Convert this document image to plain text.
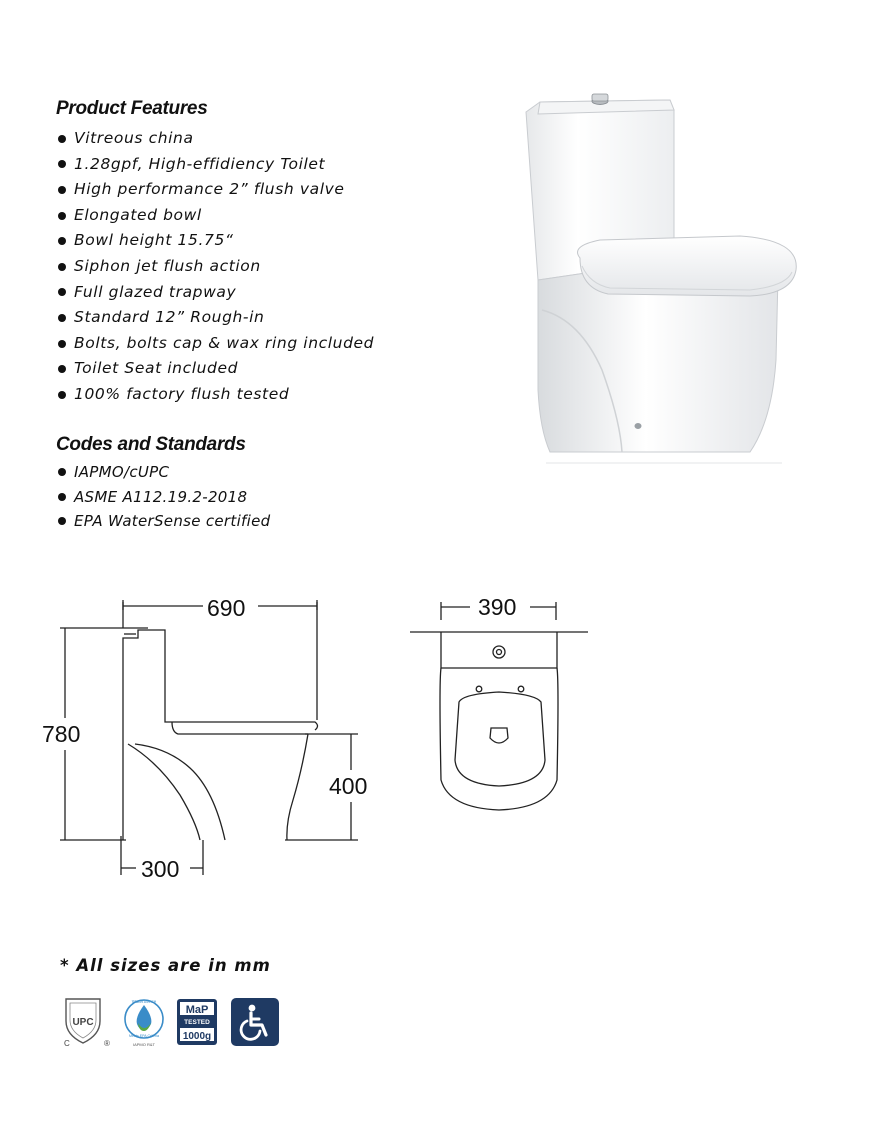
Product Features
Vitreous china
1.28gpf, High-effidiency Toilet
High performance 2” flush valve
Elongated bowl
Bowl height 15.75“
Siphon jet flush action
Full glazed trapway
Standard 12” Rough-in
Bolts, bolts cap & wax ring included
Toilet Seat included
100% factory flush tested
Codes and Standards
IAPMO/cUPC
ASME A112.19.2-2018
EPA WaterSense certified
690
780
400
300
390
* All sizes are in mm
UPC
C	®
WaterSense
Meets EPA Criteria
IAPMO R&T
MaP
TESTED
1000g
